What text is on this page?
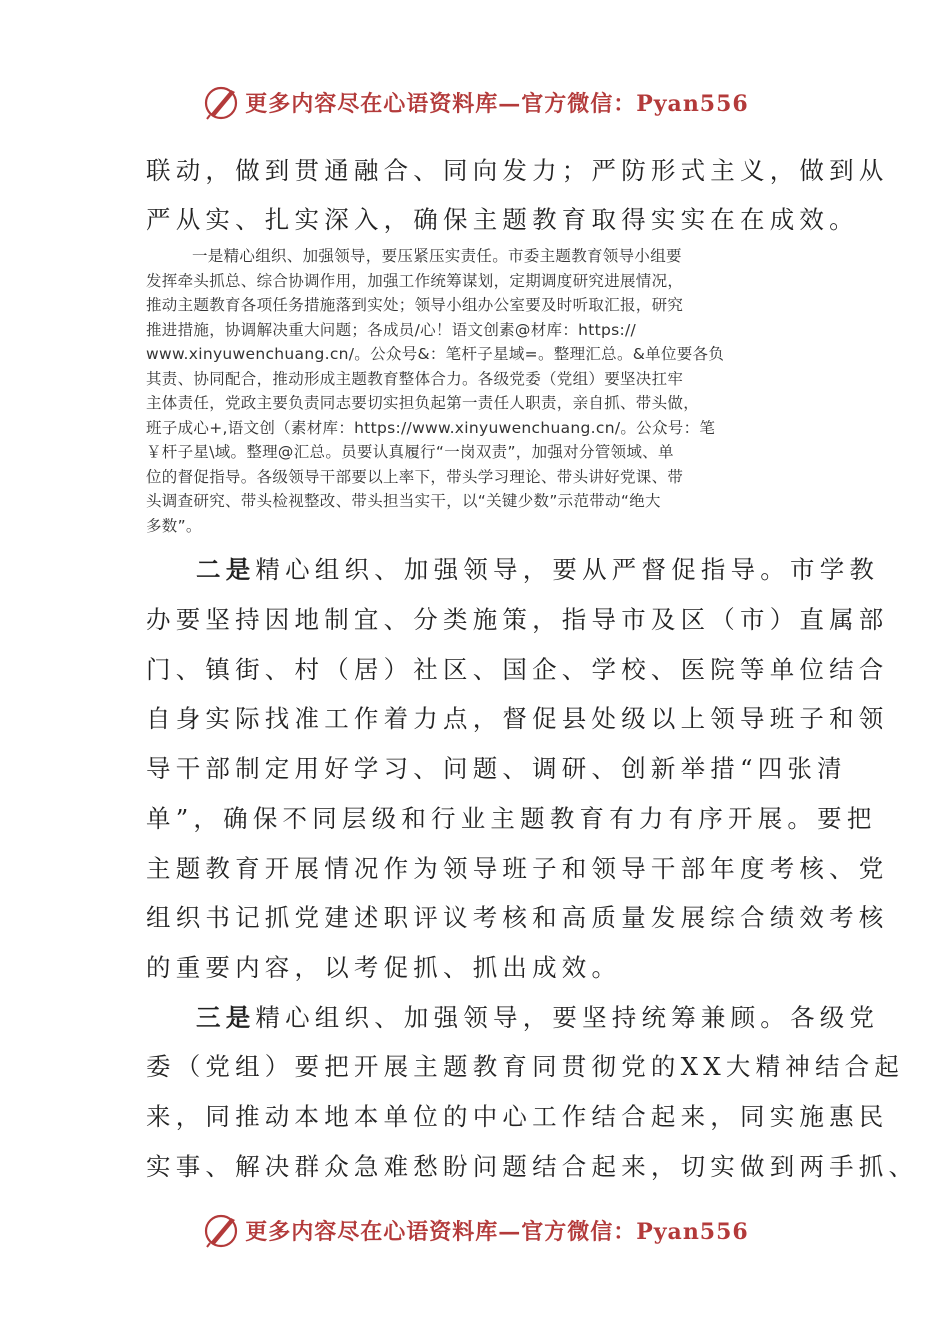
更多内容尽在心语资料库—官方微信：Pyan556
联动，做到贯通融合、同向发力；严防形式主义，做到从
严从实、扎实深入，确保主题教育取得实实在在成效。
一是精心组织、加强领导，要压紧压实责任。市委主题教育领导小组要
发挥牵头抓总、综合协调作用，加强工作统筹谋划，定期调度研究进展情况，
推动主题教育各项任务措施落到实处；领导小组办公室要及时听取汇报，研究
推进措施，协调解决重大问题；各成员/心！语文创素@材库：https://
www.xinyuwenchuang.cn/。公众号&：笔杆子星域=。整理汇总。&单位要各负
其责、协同配合，推动形成主题教育整体合力。各级党委（党组）要坚决扛牢
主体责任，党政主要负责同志要切实担负起第一责任人职责，亲自抓、带头做，
班子成心+,语文创（素材库：https://www.xinyuwenchuang.cn/。公众号：笔
￥杆子星\域。整理@汇总。员要认真履行“一岗双责”，加强对分管领域、单
位的督促指导。各级领导干部要以上率下，带头学习理论、带头讲好党课、带
头调查研究、带头检视整改、带头担当实干，以“关键少数”示范带动“绝大
多数”。
二是精心组织、加强领导，要从严督促指导。市学教
办要坚持因地制宜、分类施策，指导市及区（市）直属部
门、镇街、村（居）社区、国企、学校、医院等单位结合
自身实际找准工作着力点，督促县处级以上领导班子和领
导干部制定用好学习、问题、调研、创新举措“四张清
单”，确保不同层级和行业主题教育有力有序开展。要把
主题教育开展情况作为领导班子和领导干部年度考核、党
组织书记抓党建述职评议考核和高质量发展综合绩效考核
的重要内容，以考促抓、抓出成效。
三是精心组织、加强领导，要坚持统筹兼顾。各级党
委（党组）要把开展主题教育同贯彻党的XX大精神结合起
来，同推动本地本单位的中心工作结合起来，同实施惠民
实事、解决群众急难愁盼问题结合起来，切实做到两手抓、
更多内容尽在心语资料库—官方微信：Pyan556
